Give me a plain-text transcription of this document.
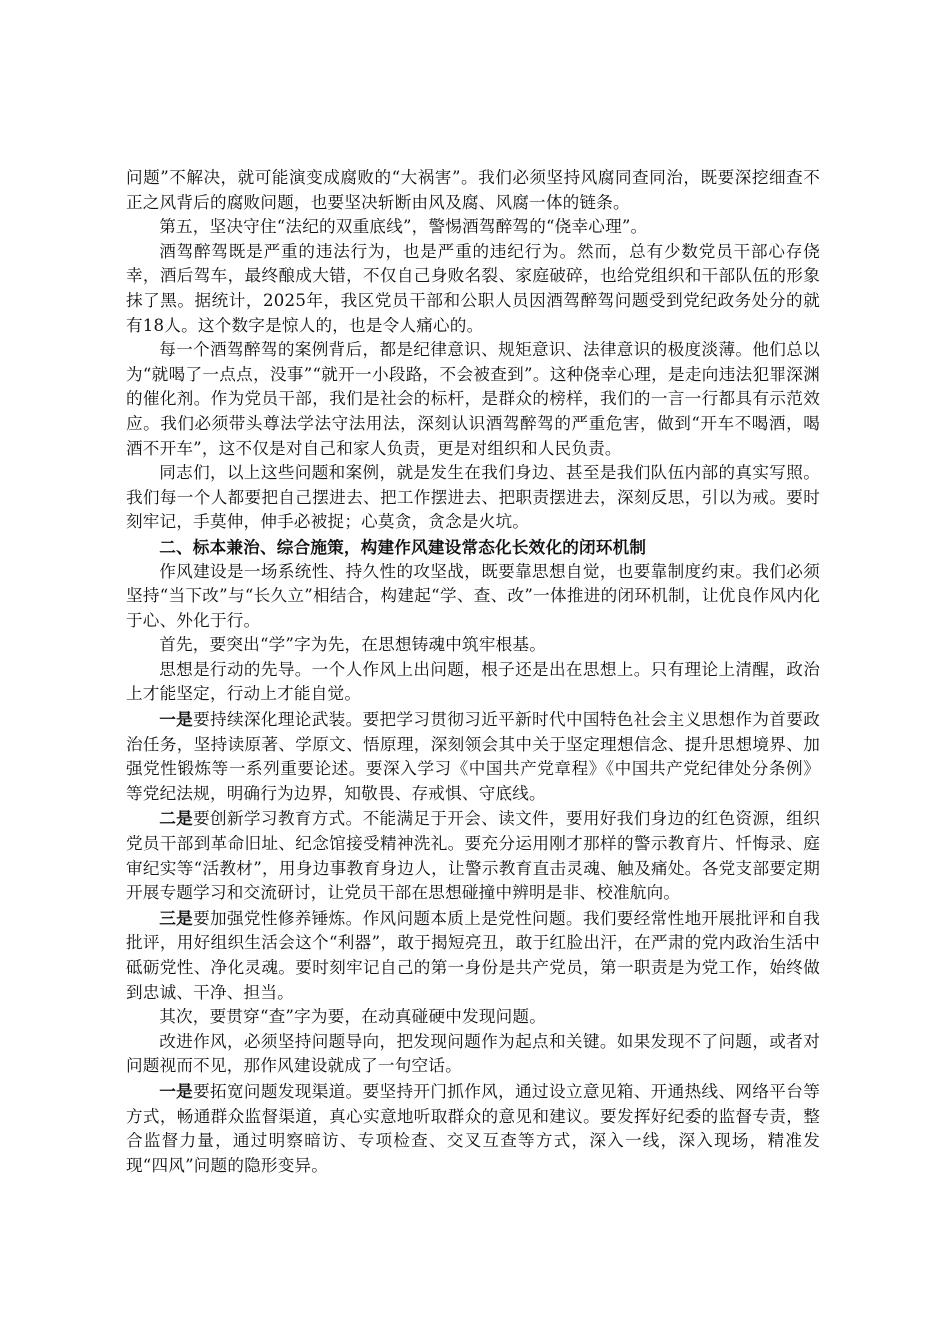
问题”不解决，就可能演变成腐败的“大祸害”。我们必须坚持风腐同查同治，既要深挖细查不正之风背后的腐败问题，也要坚决斩断由风及腐、风腐一体的链条。

第五，坚决守住“法纪的双重底线”，警惕酒驾醉驾的“侥幸心理”。

酒驾醉驾既是严重的违法行为，也是严重的违纪行为。然而，总有少数党员干部心存侥幸，酒后驾车，最终酿成大错，不仅自己身败名裂、家庭破碎，也给党组织和干部队伍的形象抹了黑。据统计，2025年，我区党员干部和公职人员因酒驾醉驾问题受到党纪政务处分的就有18人。这个数字是惊人的，也是令人痛心的。

每一个酒驾醉驾的案例背后，都是纪律意识、规矩意识、法律意识的极度淡薄。他们总以为“就喝了一点点，没事”“就开一小段路，不会被查到”。这种侥幸心理，是走向违法犯罪深渊的催化剂。作为党员干部，我们是社会的标杆，是群众的榜样，我们的一言一行都具有示范效应。我们必须带头尊法学法守法用法，深刻认识酒驾醉驾的严重危害，做到“开车不喝酒，喝酒不开车”，这不仅是对自己和家人负责，更是对组织和人民负责。

同志们，以上这些问题和案例，就是发生在我们身边、甚至是我们队伍内部的真实写照。我们每一个人都要把自己摆进去、把工作摆进去、把职责摆进去，深刻反思，引以为戒。要时刻牢记，手莫伸，伸手必被捉；心莫贪，贪念是火坑。

二、标本兼治、综合施策，构建作风建设常态化长效化的闭环机制

作风建设是一场系统性、持久性的攻坚战，既要靠思想自觉，也要靠制度约束。我们必须坚持“当下改”与“长久立”相结合，构建起“学、查、改”一体推进的闭环机制，让优良作风内化于心、外化于行。

首先，要突出“学”字为先，在思想铸魂中筑牢根基。

思想是行动的先导。一个人作风上出问题，根子还是出在思想上。只有理论上清醒，政治上才能坚定，行动上才能自觉。

一是要持续深化理论武装。要把学习贯彻习近平新时代中国特色社会主义思想作为首要政治任务，坚持读原著、学原文、悟原理，深刻领会其中关于坚定理想信念、提升思想境界、加强党性锻炼等一系列重要论述。要深入学习《中国共产党章程》《中国共产党纪律处分条例》等党纪法规，明确行为边界，知敬畏、存戒惧、守底线。

二是要创新学习教育方式。不能满足于开会、读文件，要用好我们身边的红色资源，组织党员干部到革命旧址、纪念馆接受精神洗礼。要充分运用刚才那样的警示教育片、忏悔录、庭审纪实等“活教材”，用身边事教育身边人，让警示教育直击灵魂、触及痛处。各党支部要定期开展专题学习和交流研讨，让党员干部在思想碰撞中辨明是非、校准航向。

三是要加强党性修养锤炼。作风问题本质上是党性问题。我们要经常性地开展批评和自我批评，用好组织生活会这个“利器”，敢于揭短亮丑，敢于红脸出汗，在严肃的党内政治生活中砥砺党性、净化灵魂。要时刻牢记自己的第一身份是共产党员，第一职责是为党工作，始终做到忠诚、干净、担当。

其次，要贯穿“查”字为要，在动真碰硬中发现问题。

改进作风，必须坚持问题导向，把发现问题作为起点和关键。如果发现不了问题，或者对问题视而不见，那作风建设就成了一句空话。

一是要拓宽问题发现渠道。要坚持开门抓作风，通过设立意见箱、开通热线、网络平台等方式，畅通群众监督渠道，真心实意地听取群众的意见和建议。要发挥好纪委的监督专责，整合监督力量，通过明察暗访、专项检查、交叉互查等方式，深入一线，深入现场，精准发现“四风”问题的隐形变异。
